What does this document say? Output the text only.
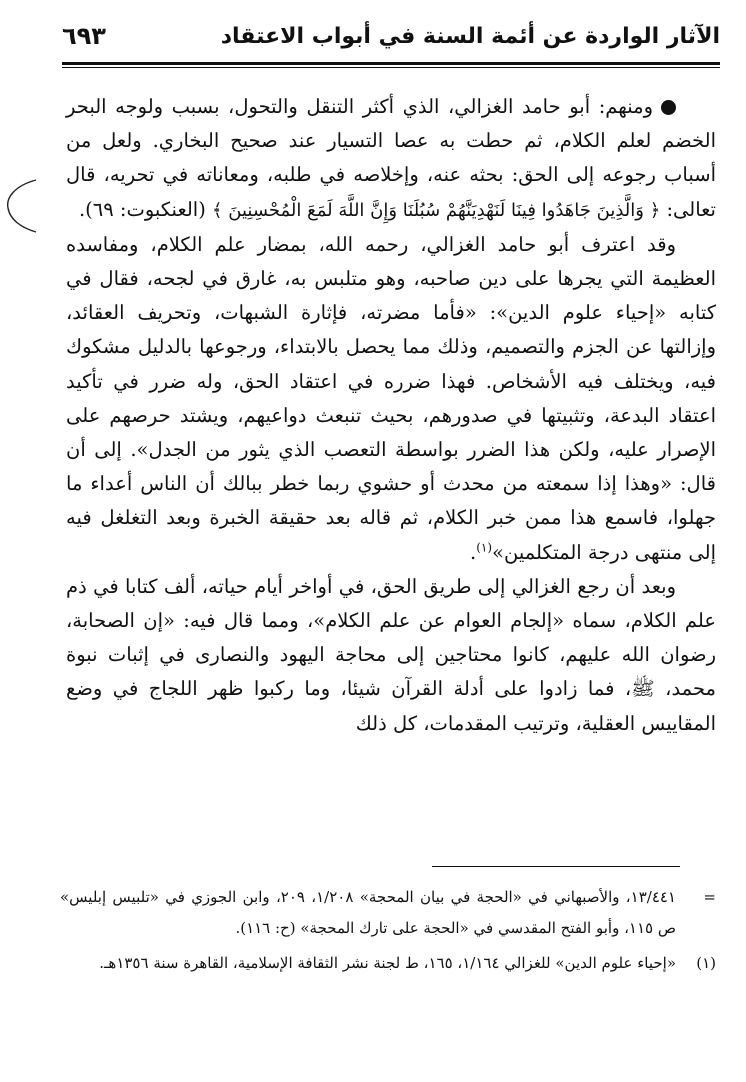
الآثار الواردة عن أئمة السنة في أبواب الاعتقاد
٦٩٣

ومنهم: أبو حامد الغزالي، الذي أكثر التنقل والتحول، بسبب ولوجه البحر الخضم لعلم الكلام، ثم حطت به عصا التسيار عند صحيح البخاري. ولعل من أسباب رجوعه إلى الحق: بحثه عنه، وإخلاصه في طلبه، ومعاناته في تحريه، قال تعالى: ﴿ وَالَّذِينَ جَاهَدُوا فِينَا لَنَهْدِيَنَّهُمْ سُبُلَنَا وَإِنَّ اللَّهَ لَمَعَ الْمُحْسِنِينَ ﴾ (العنكبوت: ٦٩).

وقد اعترف أبو حامد الغزالي، رحمه الله، بمضار علم الكلام، ومفاسده العظيمة التي يجرها على دين صاحبه، وهو متلبس به، غارق في لجحه، فقال في كتابه «إحياء علوم الدين»: «فأما مضرته، فإثارة الشبهات، وتحريف العقائد، وإزالتها عن الجزم والتصميم، وذلك مما يحصل بالابتداء، ورجوعها بالدليل مشكوك فيه، ويختلف فيه الأشخاص. فهذا ضرره في اعتقاد الحق، وله ضرر في تأكيد اعتقاد البدعة، وتثبيتها في صدورهم، بحيث تنبعث دواعيهم، ويشتد حرصهم على الإصرار عليه، ولكن هذا الضرر بواسطة التعصب الذي يثور من الجدل». إلى أن قال: «وهذا إذا سمعته من محدث أو حشوي ربما خطر ببالك أن الناس أعداء ما جهلوا، فاسمع هذا ممن خبر الكلام، ثم قاله بعد حقيقة الخبرة وبعد التغلغل فيه إلى منتهى درجة المتكلمين»$^{(١)}$.

وبعد أن رجع الغزالي إلى طريق الحق، في أواخر أيام حياته، ألف كتابا في ذم علم الكلام، سماه «إلجام العوام عن علم الكلام»، ومما قال فيه: «إن الصحابة، رضوان الله عليهم، كانوا محتاجين إلى محاجة اليهود والنصارى في إثبات نبوة محمد، ﷺ، فما زادوا على أدلة القرآن شيئا، وما ركبوا ظهر اللجاج في وضع المقاييس العقلية، وترتيب المقدمات، كل ذلك

=
١٣/٤٤١، والأصبهاني في «الحجة في بيان المحجة» ١/٢٠٨، ٢٠٩، وابن الجوزي في «تلبيس إبليس» ص ١١٥، وأبو الفتح المقدسي في «الحجة على تارك المحجة» (ح: ١١٦).
(١)
«إحياء علوم الدين» للغزالي ١/١٦٤، ١٦٥، ط لجنة نشر الثقافة الإسلامية، القاهرة سنة ١٣٥٦هـ.
